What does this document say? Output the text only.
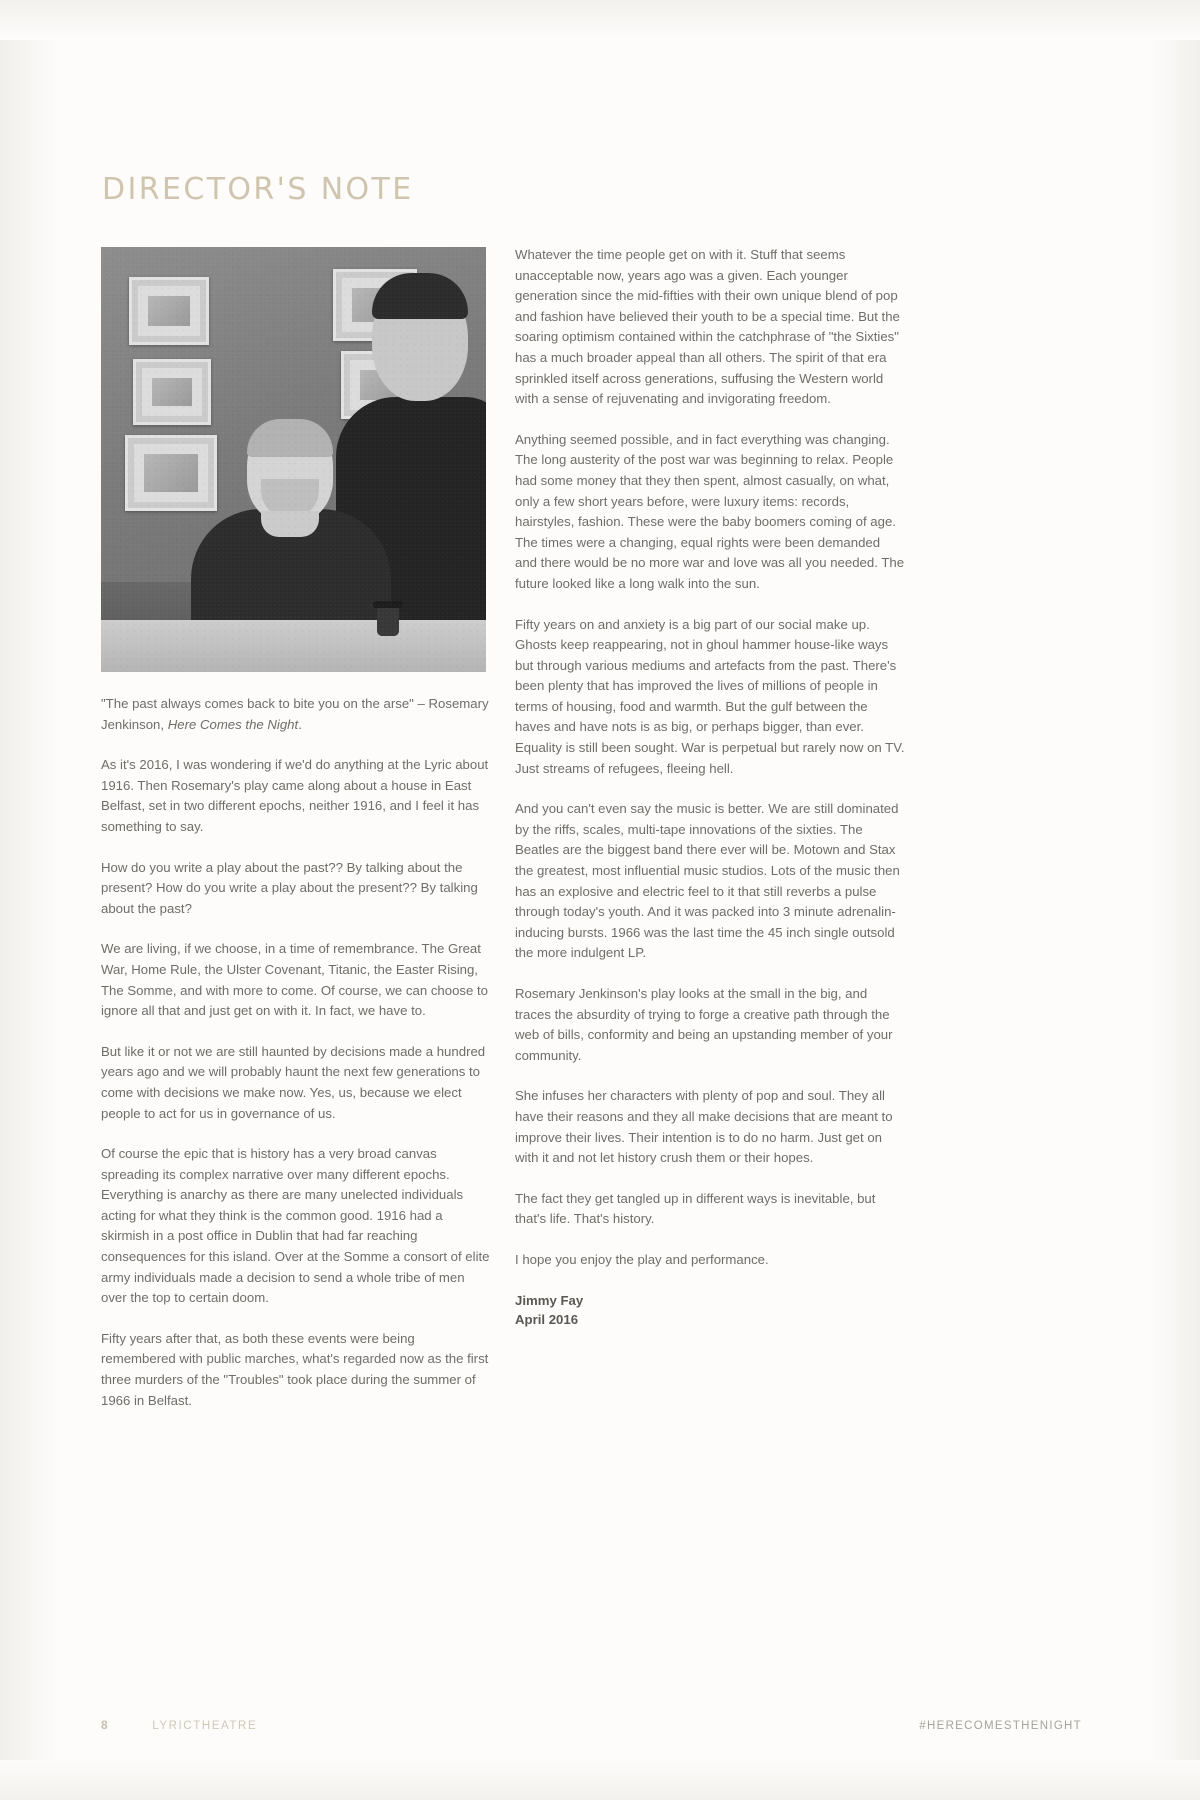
DIRECTOR'S NOTE

"The past always comes back to bite you on the arse" – Rosemary Jenkinson, Here Comes the Night.

As it's 2016, I was wondering if we'd do anything at the Lyric about 1916. Then Rosemary's play came along about a house in East Belfast, set in two different epochs, neither 1916, and I feel it has something to say.

How do you write a play about the past?? By talking about the present? How do you write a play about the present?? By talking about the past?

We are living, if we choose, in a time of remembrance. The Great War, Home Rule, the Ulster Covenant, Titanic, the Easter Rising, The Somme, and with more to come. Of course, we can choose to ignore all that and just get on with it. In fact, we have to.

But like it or not we are still haunted by decisions made a hundred years ago and we will probably haunt the next few generations to come with decisions we make now. Yes, us, because we elect people to act for us in governance of us.

Of course the epic that is history has a very broad canvas spreading its complex narrative over many different epochs. Everything is anarchy as there are many unelected individuals acting for what they think is the common good. 1916 had a skirmish in a post office in Dublin that had far reaching consequences for this island. Over at the Somme a consort of elite army individuals made a decision to send a whole tribe of men over the top to certain doom.

Fifty years after that, as both these events were being remembered with public marches, what's regarded now as the first three murders of the "Troubles" took place during the summer of 1966 in Belfast.

Whatever the time people get on with it. Stuff that seems unacceptable now, years ago was a given. Each younger generation since the mid-fifties with their own unique blend of pop and fashion have believed their youth to be a special time. But the soaring optimism contained within the catchphrase of "the Sixties" has a much broader appeal than all others. The spirit of that era sprinkled itself across generations, suffusing the Western world with a sense of rejuvenating and invigorating freedom.

Anything seemed possible, and in fact everything was changing. The long austerity of the post war was beginning to relax. People had some money that they then spent, almost casually, on what, only a few short years before, were luxury items: records, hairstyles, fashion. These were the baby boomers coming of age. The times were a changing, equal rights were been demanded and there would be no more war and love was all you needed. The future looked like a long walk into the sun.

Fifty years on and anxiety is a big part of our social make up. Ghosts keep reappearing, not in ghoul hammer house-like ways but through various mediums and artefacts from the past. There's been plenty that has improved the lives of millions of people in terms of housing, food and warmth. But the gulf between the haves and have nots is as big, or perhaps bigger, than ever. Equality is still been sought. War is perpetual but rarely now on TV. Just streams of refugees, fleeing hell.

And you can't even say the music is better. We are still dominated by the riffs, scales, multi-tape innovations of the sixties. The Beatles are the biggest band there ever will be. Motown and Stax the greatest, most influential music studios. Lots of the music then has an explosive and electric feel to it that still reverbs a pulse through today's youth. And it was packed into 3 minute adrenalin-inducing bursts. 1966 was the last time the 45 inch single outsold the more indulgent LP.

Rosemary Jenkinson's play looks at the small in the big, and traces the absurdity of trying to forge a creative path through the web of bills, conformity and being an upstanding member of your community.

She infuses her characters with plenty of pop and soul. They all have their reasons and they all make decisions that are meant to improve their lives. Their intention is to do no harm. Just get on with it and not let history crush them or their hopes.

The fact they get tangled up in different ways is inevitable, but that's life. That's history.

I hope you enjoy the play and performance.

Jimmy Fay
April 2016

8	LYRICTHEATRE	#HERECOMESTHENIGHT
